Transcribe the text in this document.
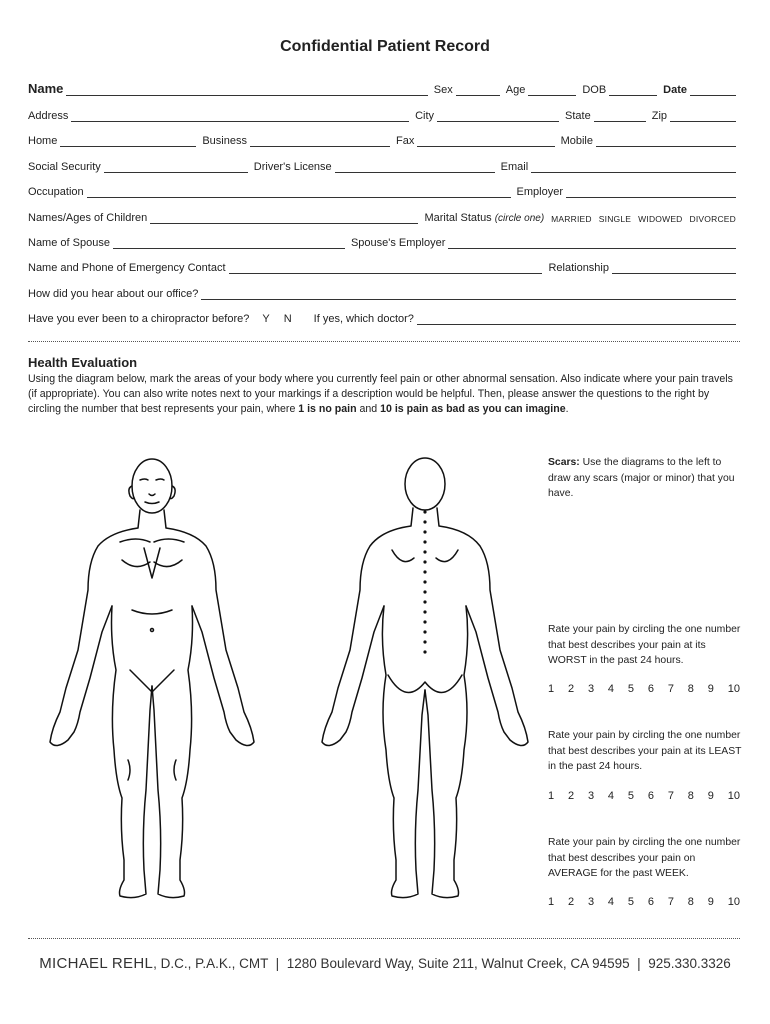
Confidential Patient Record
Name	Sex	Age	DOB	Date
Address	City	State	Zip
Home	Business	Fax	Mobile
Social Security	Driver's License	Email
Occupation	Employer
Names/Ages of Children	Marital Status (circle one) MARRIED SINGLE WIDOWED DIVORCED
Name of Spouse	Spouse's Employer
Name and Phone of Emergency Contact	Relationship
How did you hear about our office?
Have you ever been to a chiropractor before?	Y	N	If yes, which doctor?
Health Evaluation
Using the diagram below, mark the areas of your body where you currently feel pain or other abnormal sensation. Also indicate where your pain travels (if appropriate). You can also write notes next to your markings if a description would be helpful. Then, please answer the questions to the right by circling the number that best represents your pain, where 1 is no pain and 10 is pain as bad as you can imagine.
Scars: Use the diagrams to the left to draw any scars (major or minor) that you have.
Rate your pain by circling the one number that best describes your pain at its WORST in the past 24 hours.
1 2 3 4 5 6 7 8 9 10
Rate your pain by circling the one number that best describes your pain at its LEAST in the past 24 hours.
1 2 3 4 5 6 7 8 9 10
Rate your pain by circling the one number that best describes your pain on AVERAGE for the past WEEK.
1 2 3 4 5 6 7 8 9 10
MICHAEL REHL, D.C., P.A.K., CMT | 1280 Boulevard Way, Suite 211, Walnut Creek, CA 94595 | 925.330.3326
